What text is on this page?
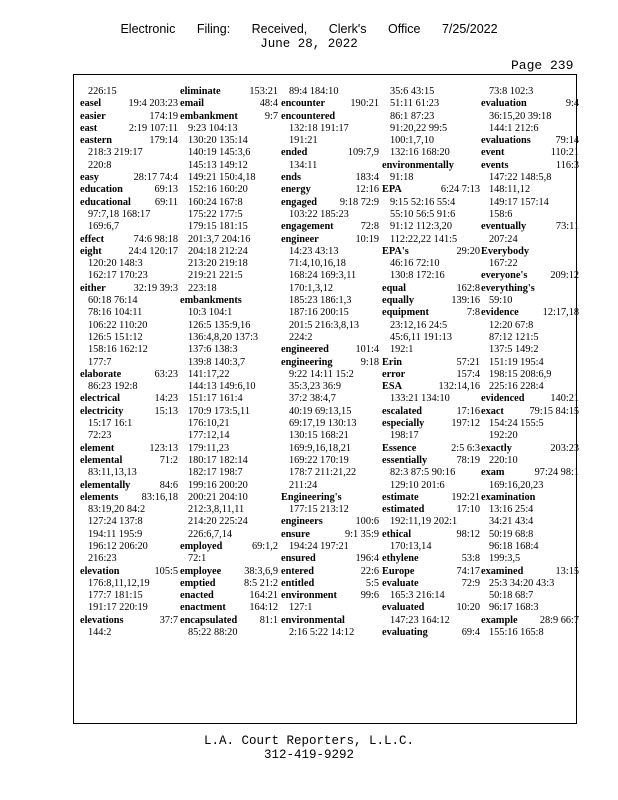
Electronic Filing: Received, Clerk's Office 7/25/2022
June 28, 2022
Page 239
226:15
easel	19:4 203:23
easier	174:19
east	2:19 107:11
eastern	179:14
218:3 219:17
220:8
easy	28:17 74:4
education	69:13
educational 69:11
97:7,18 168:17
169:6,7
effect	74:6 98:18
eight	24:4 120:17
120:20 148:3
162:17 170:23
either	32:19 39:3
60:18 76:14
78:16 104:11
106:22 110:20
126:5 151:12
158:16 162:12
177:7
elaborate	63:23
86:23 192:8
electrical	14:23
electricity	15:13
15:17 16:1
72:23
element	123:13
elemental	71:2
83:11,13,13
elementally	84:6
elements 83:16,18
83:19,20 84:2
127:24 137:8
194:11 195:9
196:12 206:20
216:23
elevation	105:5
176:8,11,12,19
177:7 181:15
191:17 220:19
elevations	37:7
144:2
eliminate	153:21
email	48:4
embankment	9:7
9:23 104:13
130:20 135:14
140:19 145:3,6
145:13 149:12
149:21 150:4,18
152:16 160:20
160:24 167:8
175:22 177:5
179:15 181:15
201:3,7 204:16
204:18 212:24
213:20 219:18
219:21 221:5
223:18
embankments
10:3 104:1
126:5 135:9,16
136:4,8,20 137:3
137:6 138:3
139:8 140:3,7
141:17,22
144:13 149:6,10
151:17 161:4
170:9 173:5,11
176:10,21
177:12,14
179:11,23
180:17 182:14
182:17 198:7
199:16 200:20
200:21 204:10
212:3,8,11,11
214:20 225:24
226:6,7,14
employed	69:1,2
72:1
employee 38:3,6,9
emptied	8:5 21:2
enacted	164:21
enactment 164:12
encapsulated 81:1
85:22 88:20
89:4 184:10
encounter 190:21
encountered
132:18 191:17
191:21
ended	109:7,9
134:11
ends	183:4
energy	12:16
engaged 9:18 72:9
103:22 185:23
engagement	72:8
engineer	10:19
14:23 43:13
71:4,10,16,18
168:24 169:3,11
170:1,3,12
185:23 186:1,3
187:16 200:15
201:5 216:3,8,13
224:2
engineered	101:4
engineering	9:18
9:22 14:11 15:2
35:3,23 36:9
37:2 38:4,7
40:19 69:13,15
69:17,19 130:13
130:15 168:21
169:9,16,18,21
169:22 170:19
178:7 211:21,22
211:24
Engineering's
177:15 213:12
engineers	100:6
ensure	9:1 35:9
194:24 197:21
ensured	196:4
entered	22:6
entitled	5:5
environment 99:6
127:1
environmental
2:16 5:22 14:12
35:6 43:15
51:11 61:23
86:1 87:23
91:20,22 99:5
100:1,7,10
132:16 168:20
environmentally
91:18
EPA	6:24 7:13
9:15 52:16 55:4
55:10 56:5 91:6
91:12 112:3,20
112:22,22 141:5
EPA's	29:20
46:16 72:10
130:8 172:16
equal	162:8
equally	139:16
equipment	7:8
23:12,16 24:5
45:6,11 191:13
192:1
Erin	57:21
error	157:4
ESA	132:14,16
133:21 134:10
escalated	17:16
especially	197:12
198:17
Essence	2:5 6:3
essentially	78:19
82:3 87:5 90:16
129:10 201:6
estimate	192:21
estimated	17:10
192:11,19 202:1
ethical	98:12
170:13,14
ethylene	53:8
Europe	74:17
evaluate	72:9
165:3 216:14
evaluated	10:20
147:23 164:12
evaluating	69:4
73:8 102:3
evaluation	9:4
36:15,20 39:18
144:1 212:6
evaluations 79:14
event	110:21
events	116:3
147:22 148:5,8
148:11,12
149:17 157:14
158:6
eventually	73:11
207:24
Everybody
167:22
everyone's 209:12
everything's
59:10
evidence 12:17,18
12:20 67:8
87:12 121:5
137:5 149:2
151:19 195:4
198:15 208:6,9
225:16 228:4
evidenced	140:21
exact 79:15 84:15
154:24 155:5
192:20
exactly	203:23
220:10
exam	97:24 98:1
169:16,20,23
examination
13:16 25:4
34:21 43:4
50:19 68:8
96:18 168:4
199:3,5
examined	13:15
25:3 34:20 43:3
50:18 68:7
96:17 168:3
example 28:9 66:7
155:16 165:8
L.A. Court Reporters, L.L.C.
312-419-9292
